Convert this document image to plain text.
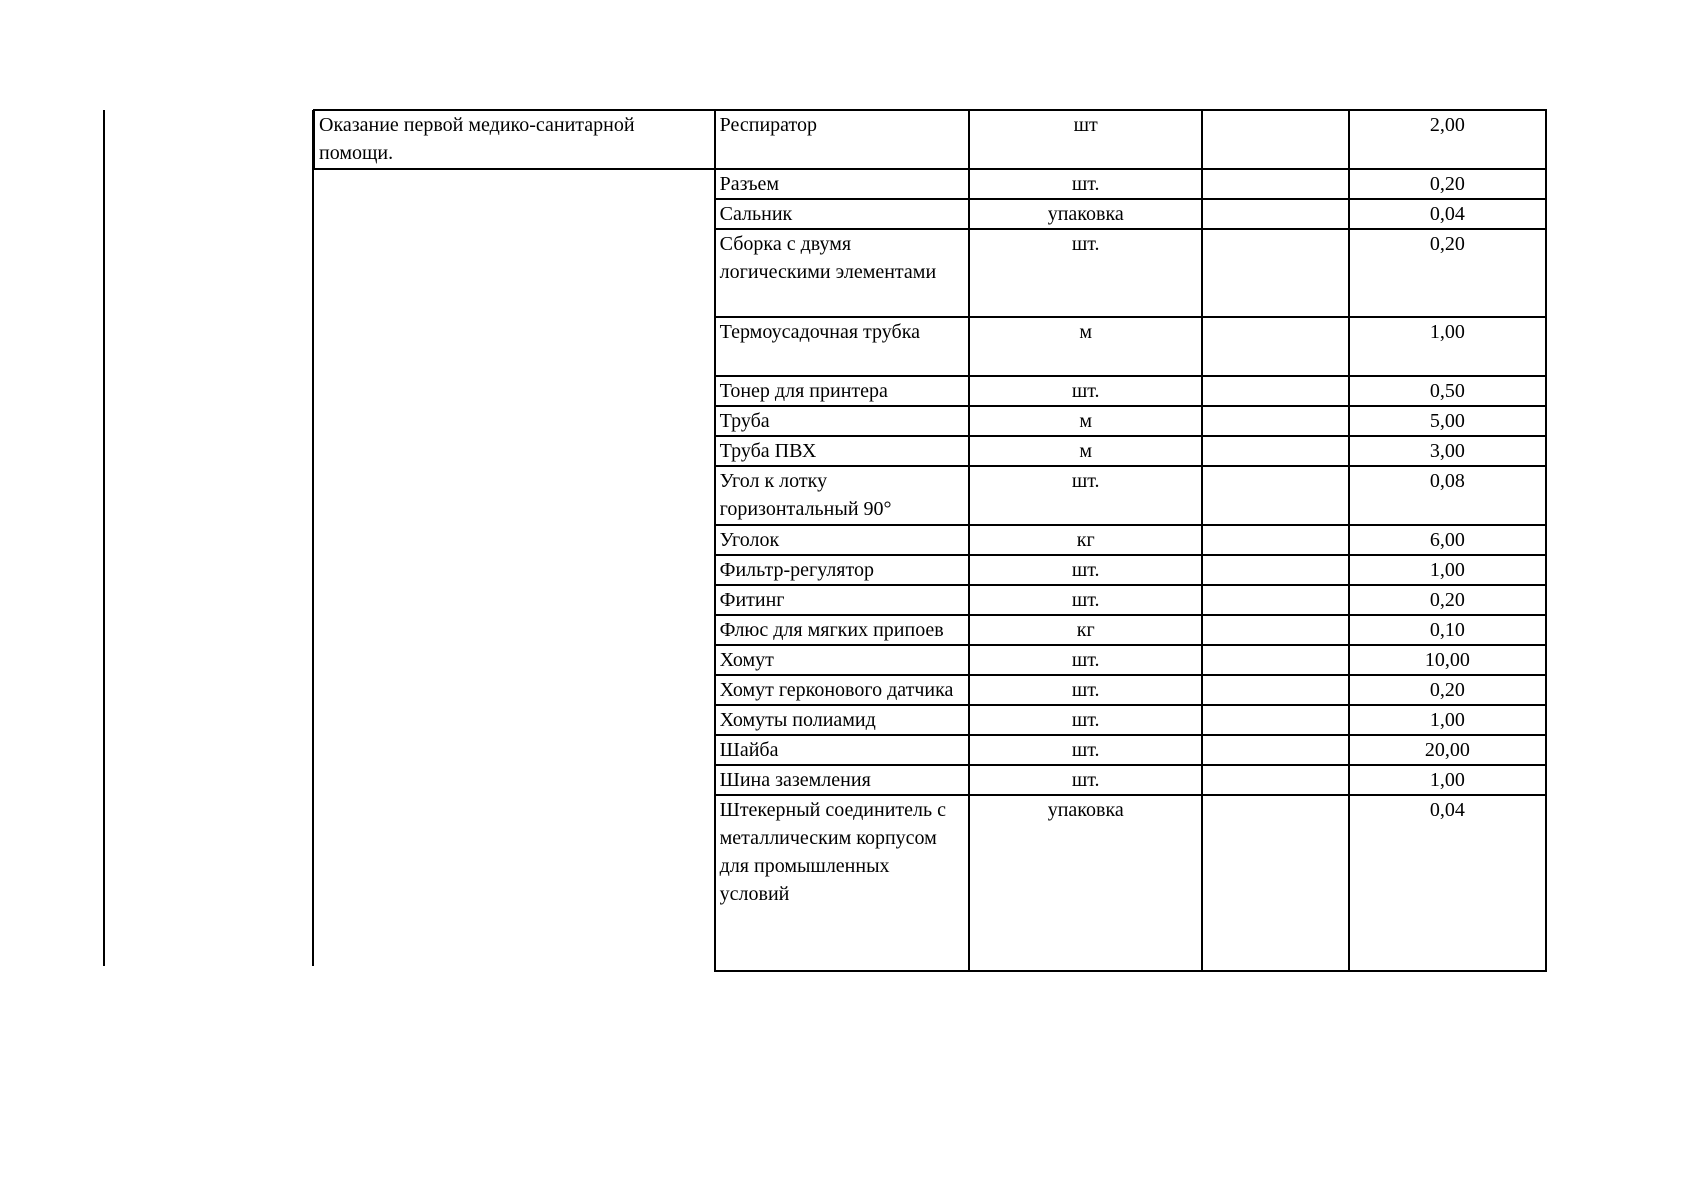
Оказание первой медико-санитарной помощи.	Респиратор	шт		2,00
	Разъем	шт.		0,20
	Сальник	упаковка		0,04
	Сборка с двумя логическими элементами	шт.		0,20
	Термоусадочная трубка	м		1,00
	Тонер для принтера	шт.		0,50
	Труба	м		5,00
	Труба ПВХ	м		3,00
	Угол к лотку горизонтальный 90°	шт.		0,08
	Уголок	кг		6,00
	Фильтр-регулятор	шт.		1,00
	Фитинг	шт.		0,20
	Флюс для мягких припоев	кг		0,10
	Хомут	шт.		10,00
	Хомут герконового датчика	шт.		0,20
	Хомуты полиамид	шт.		1,00
	Шайба	шт.		20,00
	Шина заземления	шт.		1,00
	Штекерный соединитель с металлическим корпусом для промышленных условий	упаковка		0,04
